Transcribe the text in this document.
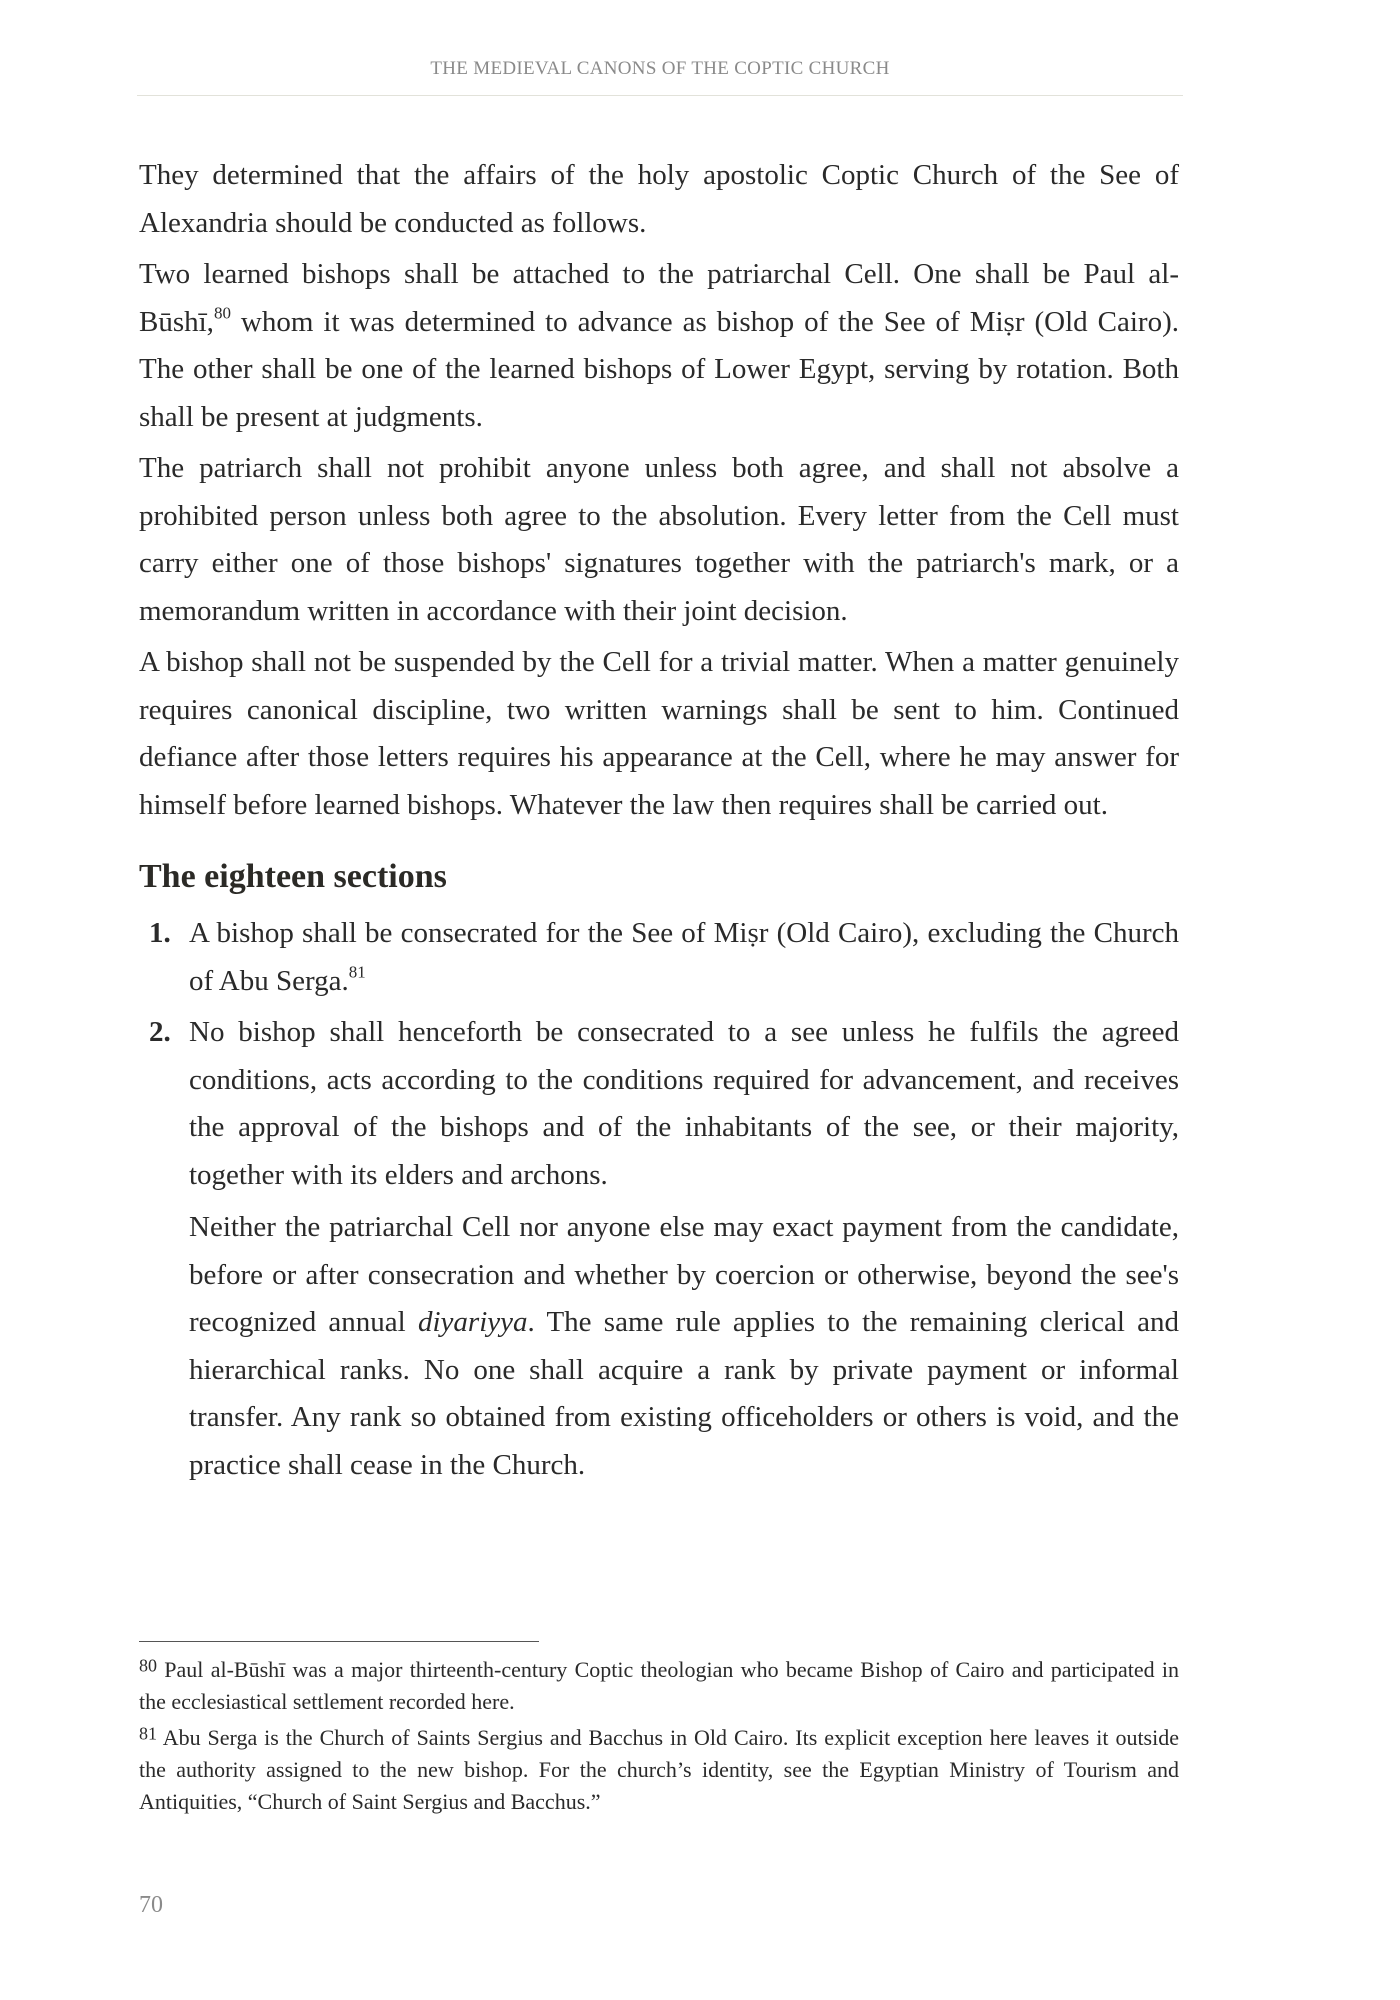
THE MEDIEVAL CANONS OF THE COPTIC CHURCH

They determined that the affairs of the holy apostolic Coptic Church of the See of Alexandria should be conducted as follows.

Two learned bishops shall be attached to the patriarchal Cell. One shall be Paul al-Būshī,$^{80}$ whom it was determined to advance as bishop of the See of Miṣr (Old Cairo). The other shall be one of the learned bishops of Lower Egypt, serving by rotation. Both shall be present at judgments.

The patriarch shall not prohibit anyone unless both agree, and shall not absolve a prohibited person unless both agree to the absolution. Every letter from the Cell must carry either one of those bishops' signatures together with the patriarch's mark, or a memorandum written in accordance with their joint decision.

A bishop shall not be suspended by the Cell for a trivial matter. When a matter genuinely requires canonical discipline, two written warnings shall be sent to him. Continued defiance after those letters requires his appearance at the Cell, where he may answer for himself before learned bishops. Whatever the law then requires shall be carried out.

The eighteen sections
1. A bishop shall be consecrated for the See of Miṣr (Old Cairo), excluding the Church of Abu Serga.$^{81}$
2. No bishop shall henceforth be consecrated to a see unless he fulfils the agreed conditions, acts according to the conditions required for advancement, and receives the approval of the bishops and of the inhabitants of the see, or their majority, together with its elders and archons.

Neither the patriarchal Cell nor anyone else may exact payment from the candidate, before or after consecration and whether by coercion or otherwise, beyond the see's recognized annual diyariyya. The same rule applies to the remaining clerical and hierarchical ranks. No one shall acquire a rank by private payment or informal transfer. Any rank so obtained from existing officeholders or others is void, and the practice shall cease in the Church.

$^{80}$ Paul al-Būshī was a major thirteenth-century Coptic theologian who became Bishop of Cairo and participated in the ecclesiastical settlement recorded here.

$^{81}$ Abu Serga is the Church of Saints Sergius and Bacchus in Old Cairo. Its explicit exception here leaves it outside the authority assigned to the new bishop. For the church’s identity, see the Egyptian Ministry of Tourism and Antiquities, “Church of Saint Sergius and Bacchus.”

70
